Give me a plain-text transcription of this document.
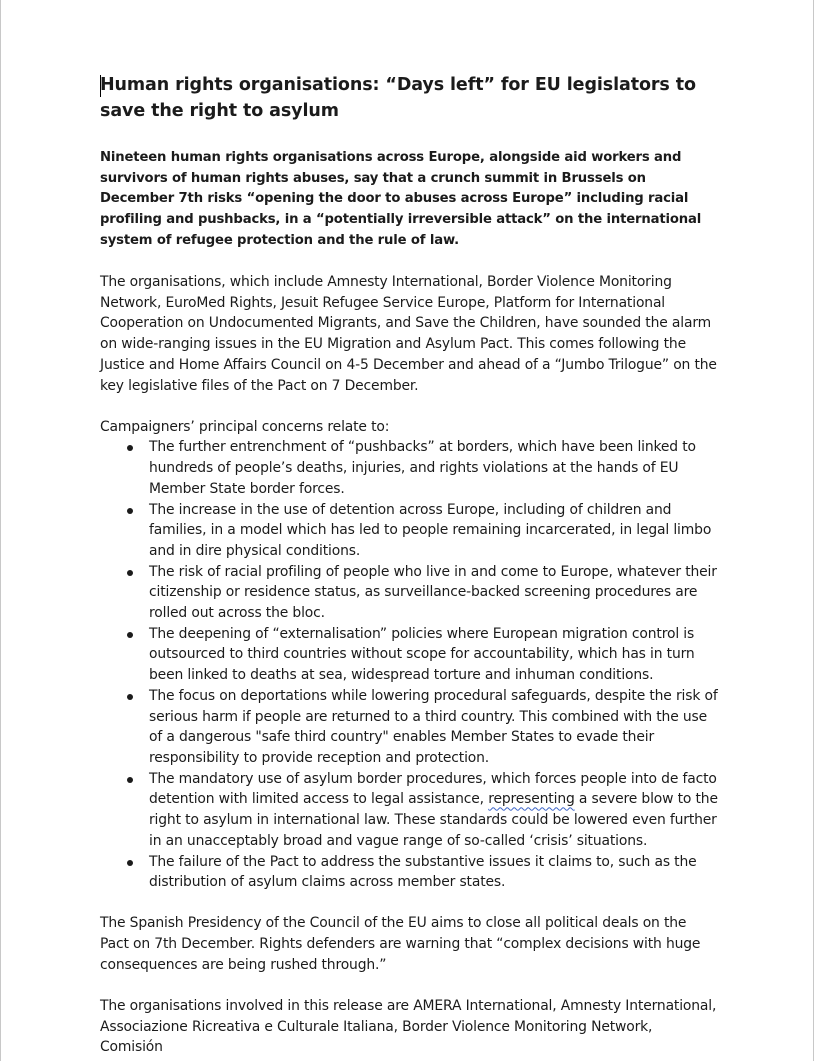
Human rights organisations: “Days left” for EU legislators to save the right to asylum
Nineteen human rights organisations across Europe, alongside aid workers and survivors of human rights abuses, say that a crunch summit in Brussels on December 7th risks “opening the door to abuses across Europe” including racial profiling and pushbacks, in a “potentially irreversible attack” on the international system of refugee protection and the rule of law.

The organisations, which include Amnesty International, Border Violence Monitoring Network, EuroMed Rights, Jesuit Refugee Service Europe, Platform for International Cooperation on Undocumented Migrants, and Save the Children, have sounded the alarm on wide-ranging issues in the EU Migration and Asylum Pact. This comes following the Justice and Home Affairs Council on 4-5 December and ahead of a “Jumbo Trilogue” on the key legislative files of the Pact on 7 December.

Campaigners’ principal concerns relate to:

The further entrenchment of “pushbacks” at borders, which have been linked to hundreds of people’s deaths, injuries, and rights violations at the hands of EU Member State border forces.
The increase in the use of detention across Europe, including of children and families, in a model which has led to people remaining incarcerated, in legal limbo and in dire physical conditions.
The risk of racial profiling of people who live in and come to Europe, whatever their citizenship or residence status, as surveillance-backed screening procedures are rolled out across the bloc.
The deepening of “externalisation” policies where European migration control is outsourced to third countries without scope for accountability, which has in turn been linked to deaths at sea, widespread torture and inhuman conditions.
The focus on deportations while lowering procedural safeguards, despite the risk of serious harm if people are returned to a third country. This combined with the use of a dangerous "safe third country" enables Member States to evade their responsibility to provide reception and protection.
The mandatory use of asylum border procedures, which forces people into de facto detention with limited access to legal assistance, representing a severe blow to the right to asylum in international law. These standards could be lowered even further in an unacceptably broad and vague range of so-called ‘crisis’ situations.
The failure of the Pact to address the substantive issues it claims to, such as the distribution of asylum claims across member states.

The Spanish Presidency of the Council of the EU aims to close all political deals on the Pact on 7th December. Rights defenders are warning that “complex decisions with huge consequences are being rushed through.”

The organisations involved in this release are AMERA International, Amnesty International, Associazione Ricreativa e Culturale Italiana, Border Violence Monitoring Network, Comisión
